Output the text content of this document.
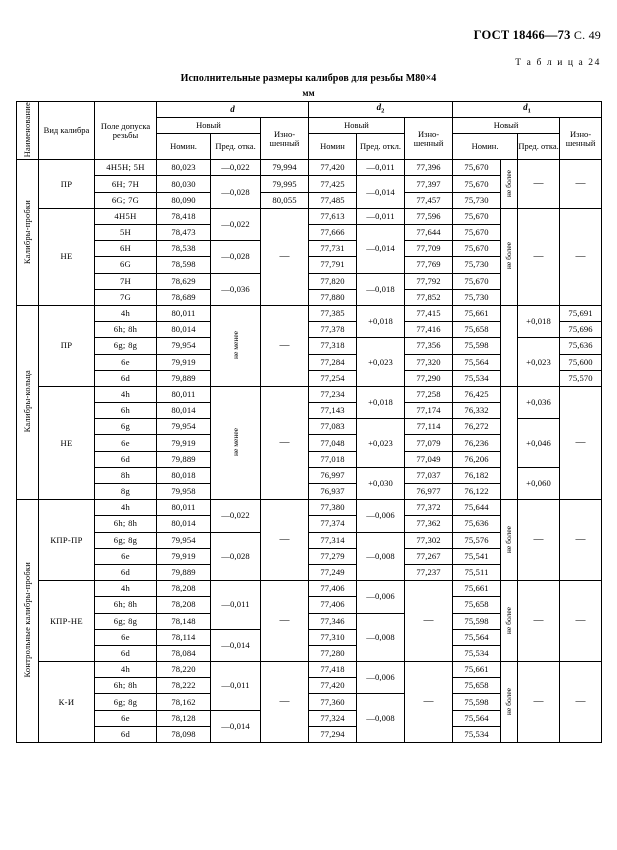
ГОСТ 18466—73 С. 49
Т а б л и ц а 24
Исполнительные размеры калибров для резьбы М80×4
мм
Наименование	Вид калибра	Поле допуска резьбы	d			$d_2$			$d_1$
			Новый		Изно- шенный	Новый		Изно- шенный	Новый			Изно- шенный
			Номин.	Пред. отка.		Номин	Пред. откл.		Номин.		Пред. отка.	
Калибры-пробки	ПР	4H5H; 5H	80,023	—0,022	79,994	77,420	—0,011	77,396	75,670	не более	—	—
		6H; 7H	80,030	—0,028	79,995	77,425	—0,014	77,397	75,670			
		6G; 7G	80,090		80,055	77,485		77,457	75,730			
	НЕ	4H5H	78,418	—0,022	—	77,613	—0,011	77,596	75,670	не более	—	—
		5H	78,473			77,666	—0,014	77,644	75,670			
		6H	78,538	—0,028		77,731		77,709	75,670			
		6G	78,598			77,791		77,769	75,730			
		7H	78,629	—0,036		77,820	—0,018	77,792	75,670			
		7G	78,689			77,880		77,852	75,730			
Калибры-кольца	ПР	4h	80,011	не менее	—	77,385	+0,018	77,415	75,661		+0,018	75,691
		6h; 8h	80,014			77,378		77,416	75,658			75,696
		6g; 8g	79,954			77,318	+0,023	77,356	75,598		+0,023	75,636
		6e	79,919			77,284		77,320	75,564			75,600
		6d	79,889			77,254		77,290	75,534			75,570
	НЕ	4h	80,011	не менее	—	77,234	+0,018	77,258	76,425		+0,036	—
		6h	80,014			77,143		77,174	76,332			
		6g	79,954			77,083	+0,023	77,114	76,272		+0,046	
		6e	79,919			77,048		77,079	76,236			
		6d	79,889			77,018		77,049	76,206			
		8h	80,018			76,997	+0,030	77,037	76,182		+0,060	
		8g	79,958			76,937		76,977	76,122			
Контрольные калибры-пробки	КПР-ПР	4h	80,011	—0,022	—	77,380	—0,006	77,372	75,644	не более	—	—
		6h; 8h	80,014			77,374		77,362	75,636			
		6g; 8g	79,954	—0,028		77,314	—0,008	77,302	75,576			
		6e	79,919			77,279		77,267	75,541			
		6d	79,889			77,249		77,237	75,511			
	КПР-НЕ	4h	78,208	—0,011	—	77,406	—0,006	—	75,661	не более	—	—
		6h; 8h	78,208			77,406			75,658			
		6g; 8g	78,148			77,346	—0,008		75,598			
		6e	78,114	—0,014		77,310			75,564			
		6d	78,084			77,280			75,534			
	К-И	4h	78,220	—0,011	—	77,418	—0,006	—	75,661	не более	—	—
		6h; 8h	78,222			77,420			75,658			
		6g; 8g	78,162			77,360	—0,008		75,598			
		6e	78,128	—0,014		77,324			75,564			
		6d	78,098			77,294			75,534			
